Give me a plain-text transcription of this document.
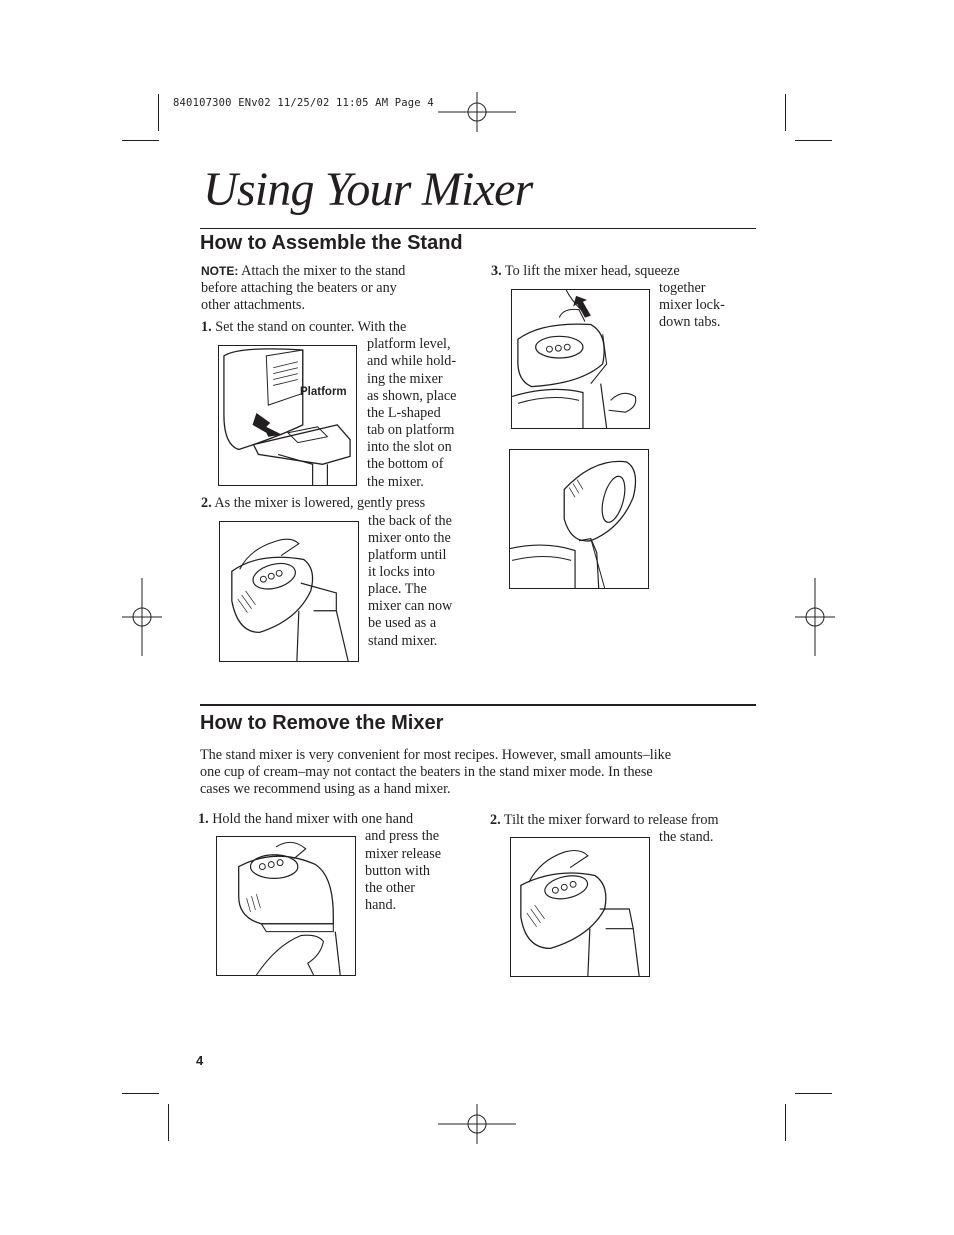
840107300 ENv02 11/25/02 11:05 AM Page 4
Using Your Mixer
How to Assemble the Stand
NOTE: Attach the mixer to the stand
before attaching the beaters or any
other attachments.
1. Set the stand on counter. With the
platform level,
and while hold-
ing the mixer
as shown, place
the L-shaped
tab on platform
into the slot on
the bottom of
the mixer.
Platform
2. As the mixer is lowered, gently press
the back of the
mixer onto the
platform until
it locks into
place. The
mixer can now
be used as a
stand mixer.
3. To lift the mixer head, squeeze
together
mixer lock-
down tabs.
How to Remove the Mixer
The stand mixer is very convenient for most recipes. However, small amounts–like
one cup of cream–may not contact the beaters in the stand mixer mode. In these
cases we recommend using as a hand mixer.
1. Hold the hand mixer with one hand
and press the
mixer release
button with
the other
hand.
2. Tilt the mixer forward to release from
the stand.
4
